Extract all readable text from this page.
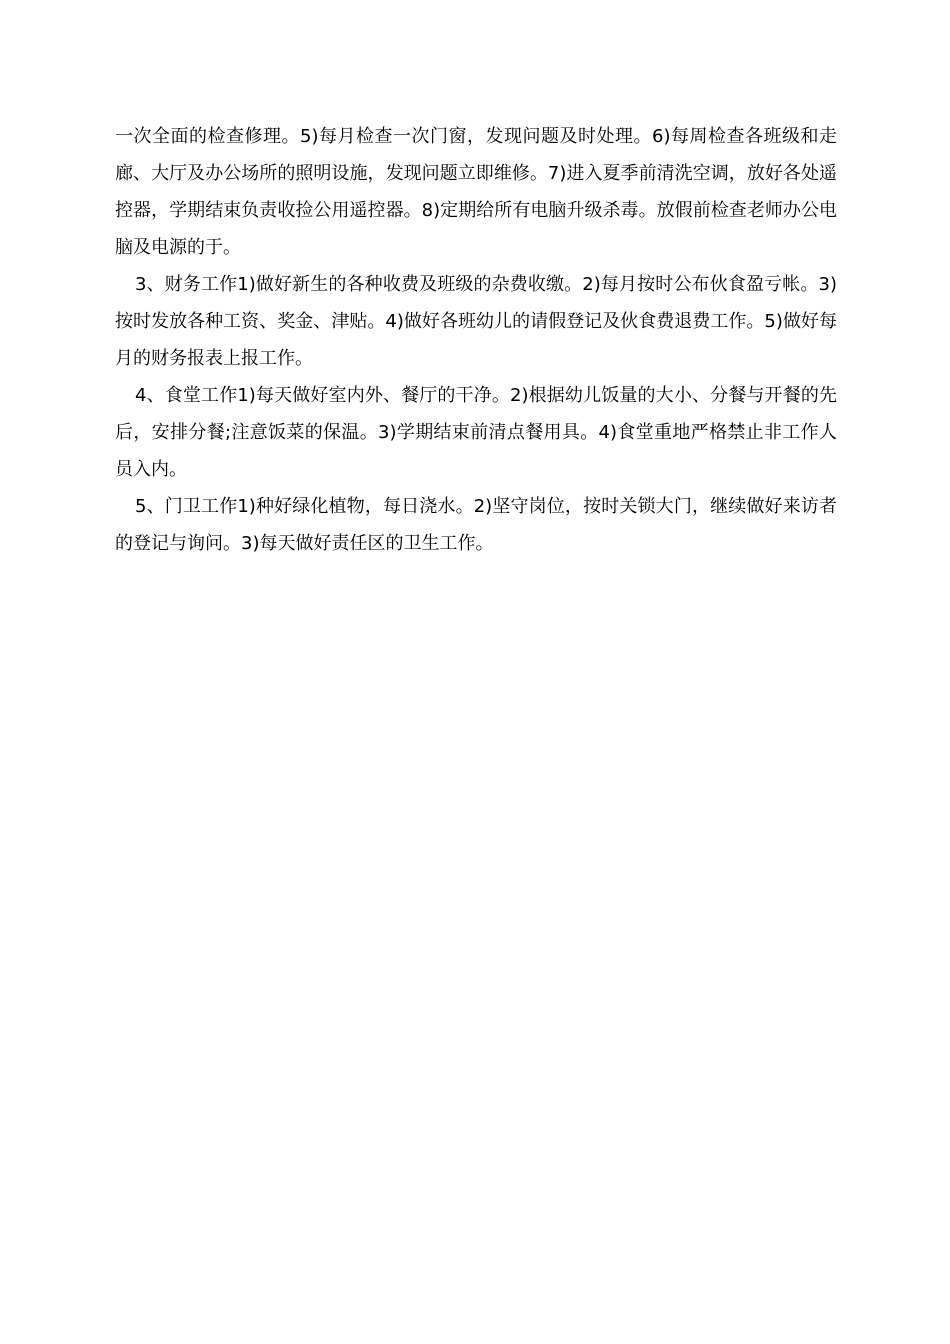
一次全面的检查修理。5)每月检查一次门窗，发现问题及时处理。6)每周检查各班级和走廊、大厅及办公场所的照明设施，发现问题立即维修。7)进入夏季前清洗空调，放好各处遥控器，学期结束负责收捡公用遥控器。8)定期给所有电脑升级杀毒。放假前检查老师办公电脑及电源的于。

3、财务工作1)做好新生的各种收费及班级的杂费收缴。2)每月按时公布伙食盈亏帐。3)按时发放各种工资、奖金、津贴。4)做好各班幼儿的请假登记及伙食费退费工作。5)做好每月的财务报表上报工作。

4、食堂工作1)每天做好室内外、餐厅的干净。2)根据幼儿饭量的大小、分餐与开餐的先后，安排分餐;注意饭菜的保温。3)学期结束前清点餐用具。4)食堂重地严格禁止非工作人员入内。

5、门卫工作1)种好绿化植物，每日浇水。2)坚守岗位，按时关锁大门，继续做好来访者的登记与询问。3)每天做好责任区的卫生工作。
